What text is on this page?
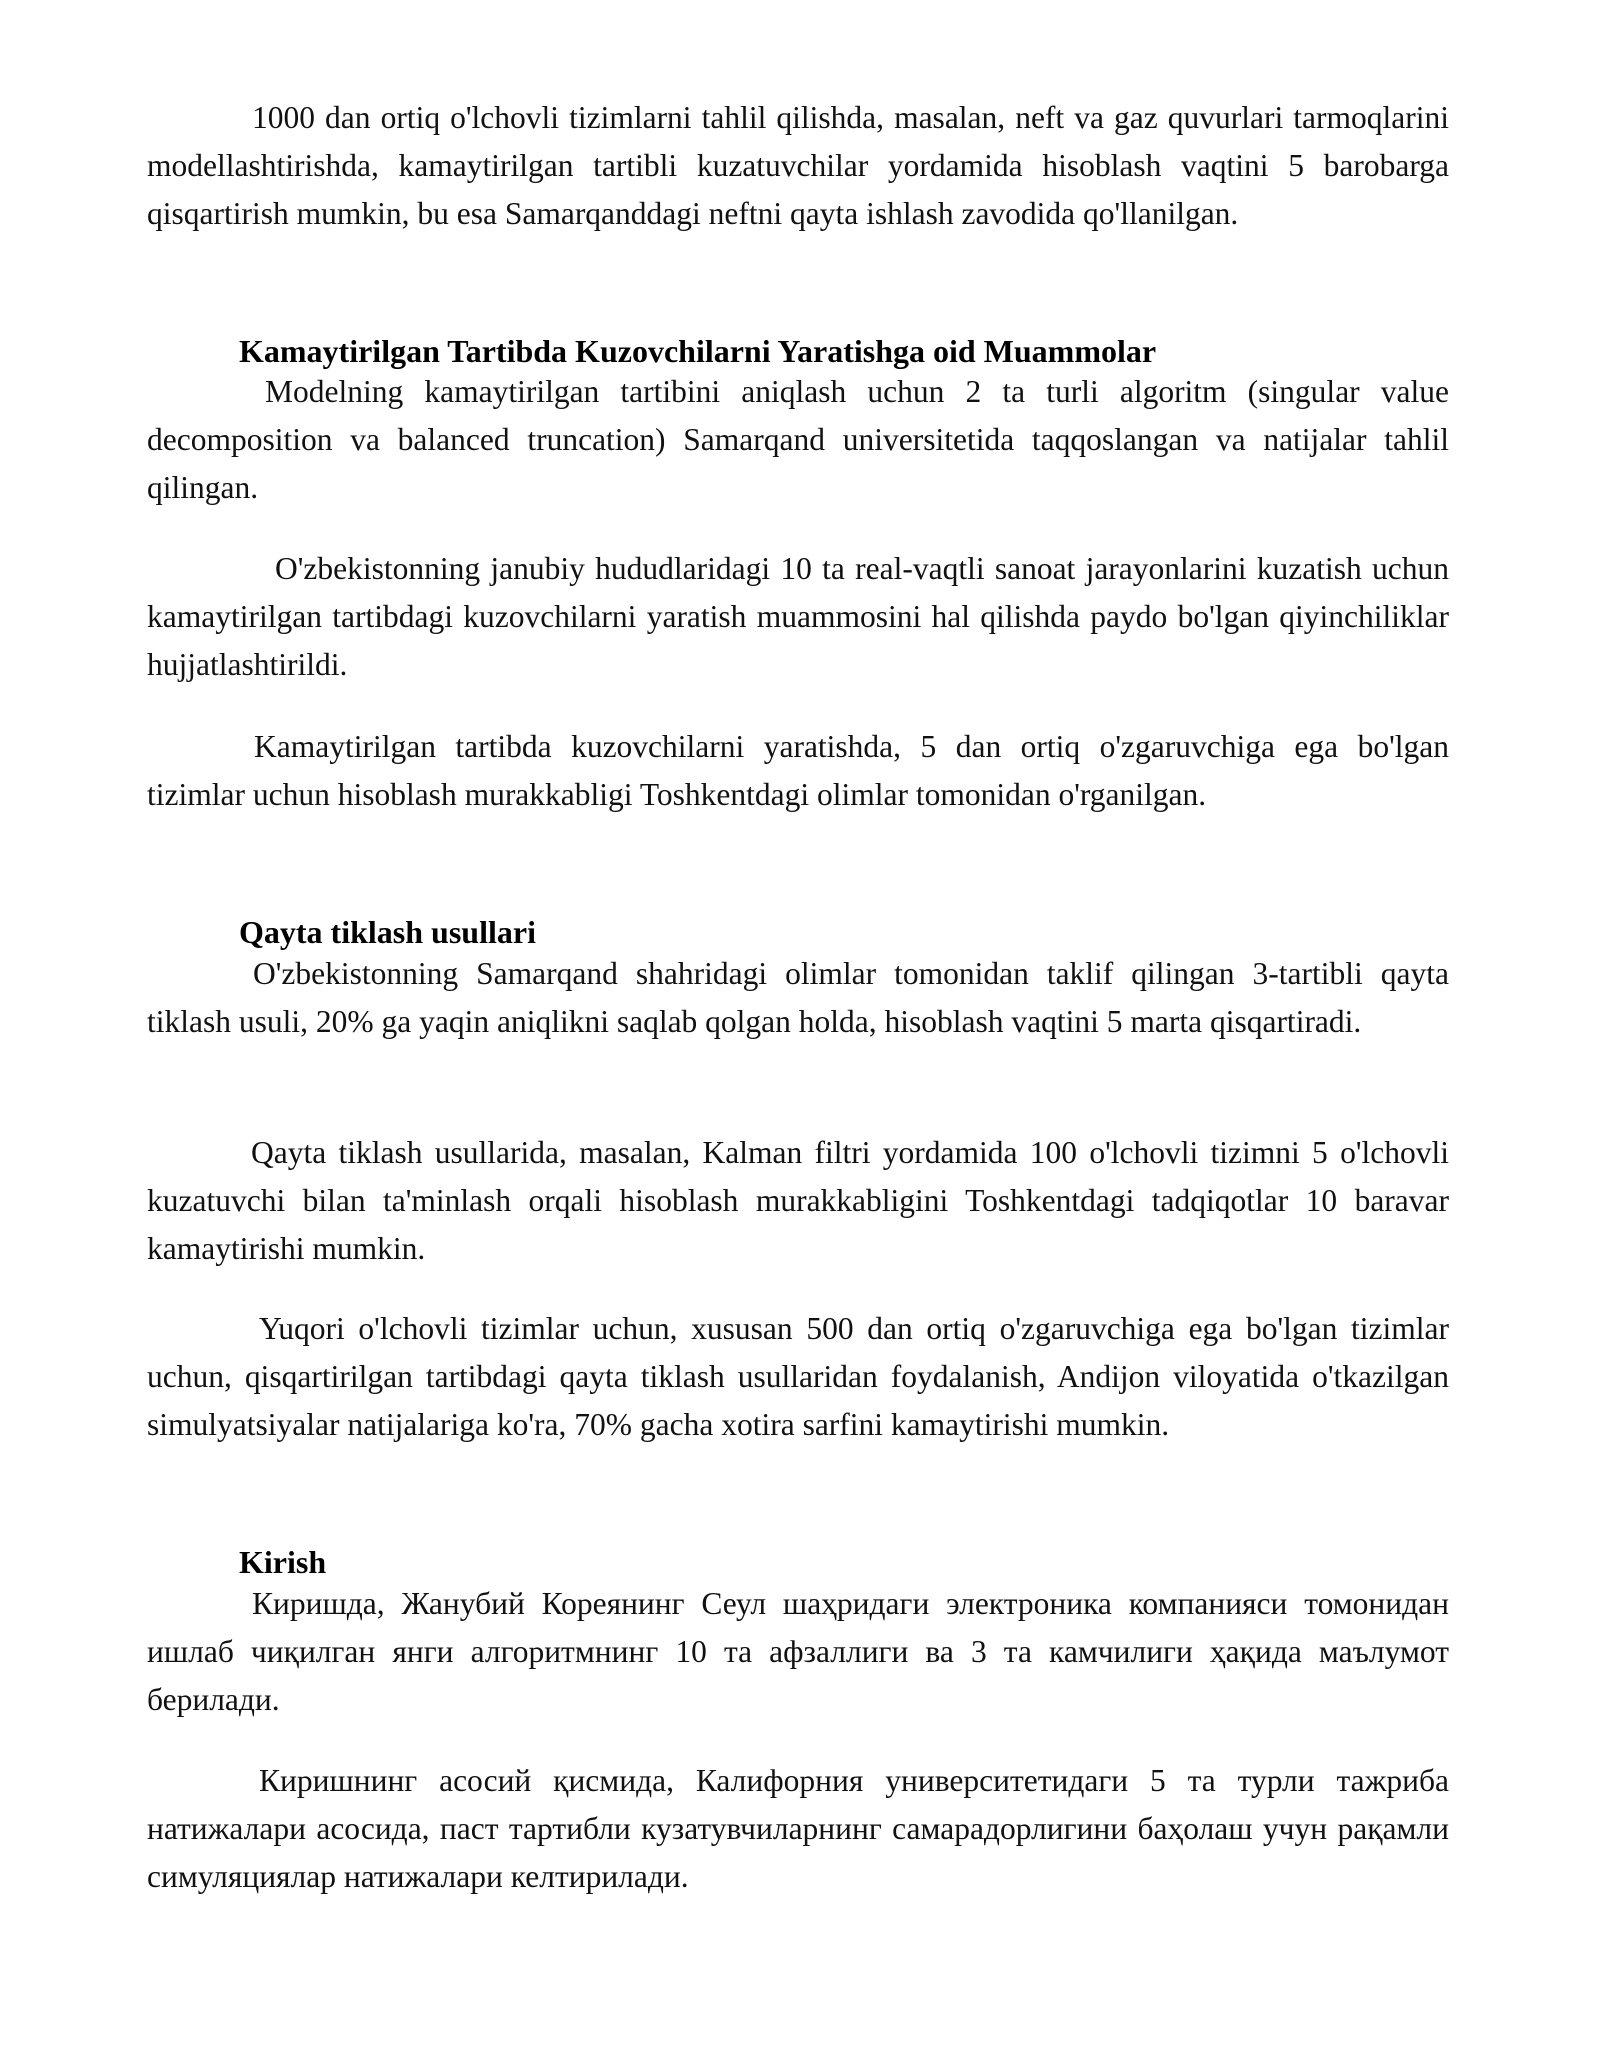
1000 dan ortiq o'lchovli tizimlarni tahlil qilishda, masalan, neft va gaz quvurlari tarmoqlarini modellashtirishda, kamaytirilgan tartibli kuzatuvchilar yordamida hisoblash vaqtini 5 barobarga qisqartirish mumkin, bu esa Samarqanddagi neftni qayta ishlash zavodida qo'llanilgan.

Kamaytirilgan Tartibda Kuzovchilarni Yaratishga oid Muammolar

Modelning kamaytirilgan tartibini aniqlash uchun 2 ta turli algoritm (singular value decomposition va balanced truncation) Samarqand universitetida taqqoslangan va natijalar tahlil qilingan.

O'zbekistonning janubiy hududlaridagi 10 ta real-vaqtli sanoat jarayonlarini kuzatish uchun kamaytirilgan tartibdagi kuzovchilarni yaratish muammosini hal qilishda paydo bo'lgan qiyinchiliklar hujjatlashtirildi.

Kamaytirilgan tartibda kuzovchilarni yaratishda, 5 dan ortiq o'zgaruvchiga ega bo'lgan tizimlar uchun hisoblash murakkabligi Toshkentdagi olimlar tomonidan o'rganilgan.

Qayta tiklash usullari

O'zbekistonning Samarqand shahridagi olimlar tomonidan taklif qilingan 3-tartibli qayta tiklash usuli, 20% ga yaqin aniqlikni saqlab qolgan holda, hisoblash vaqtini 5 marta qisqartiradi.

Qayta tiklash usullarida, masalan, Kalman filtri yordamida 100 o'lchovli tizimni 5 o'lchovli kuzatuvchi bilan ta'minlash orqali hisoblash murakkabligini Toshkentdagi tadqiqotlar 10 baravar kamaytirishi mumkin.

Yuqori o'lchovli tizimlar uchun, xususan 500 dan ortiq o'zgaruvchiga ega bo'lgan tizimlar uchun, qisqartirilgan tartibdagi qayta tiklash usullaridan foydalanish, Andijon viloyatida o'tkazilgan simulyatsiyalar natijalariga ko'ra, 70% gacha xotira sarfini kamaytirishi mumkin.

Kirish

Киришда, Жанубий Кореянинг Сеул шаҳридаги электроника компанияси томонидан ишлаб чиқилган янги алгоритмнинг 10 та афзаллиги ва 3 та камчилиги ҳақида маълумот берилади.

Киришнинг асосий қисмида, Калифорния университетидаги 5 та турли тажриба натижалари асосида, паст тартибли кузатувчиларнинг самарадорлигини баҳолаш учун рақамли симуляциялар натижалари келтирилади.
